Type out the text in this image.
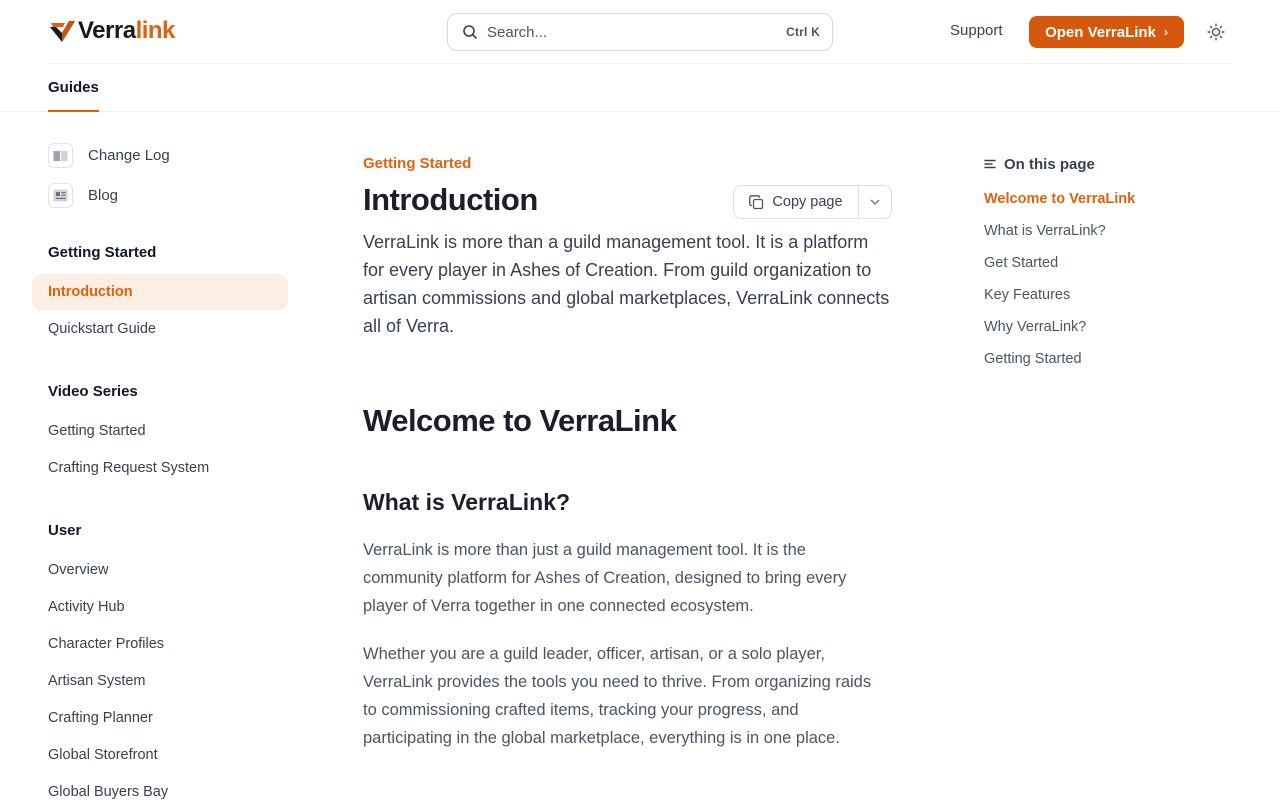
Verralink	Search...	Ctrl K	Support	Open VerraLink ›
Guides
Change Log
Blog
Getting Started
Introduction
Quickstart Guide
Video Series
Getting Started
Crafting Request System
User
Overview
Activity Hub
Character Profiles
Artisan System
Crafting Planner
Global Storefront
Global Buyers Bay
Getting Started
Introduction	Copy page

VerraLink is more than a guild management tool. It is a platform for every player in Ashes of Creation. From guild organization to artisan commissions and global marketplaces, VerraLink connects all of Verra.

Welcome to VerraLink
What is VerraLink?

VerraLink is more than just a guild management tool. It is the community platform for Ashes of Creation, designed to bring every player of Verra together in one connected ecosystem.

Whether you are a guild leader, officer, artisan, or a solo player, VerraLink provides the tools you need to thrive. From organizing raids to commissioning crafted items, tracking your progress, and participating in the global marketplace, everything is in one place.

On this page
Welcome to VerraLink
What is VerraLink?
Get Started
Key Features
Why VerraLink?
Getting Started
